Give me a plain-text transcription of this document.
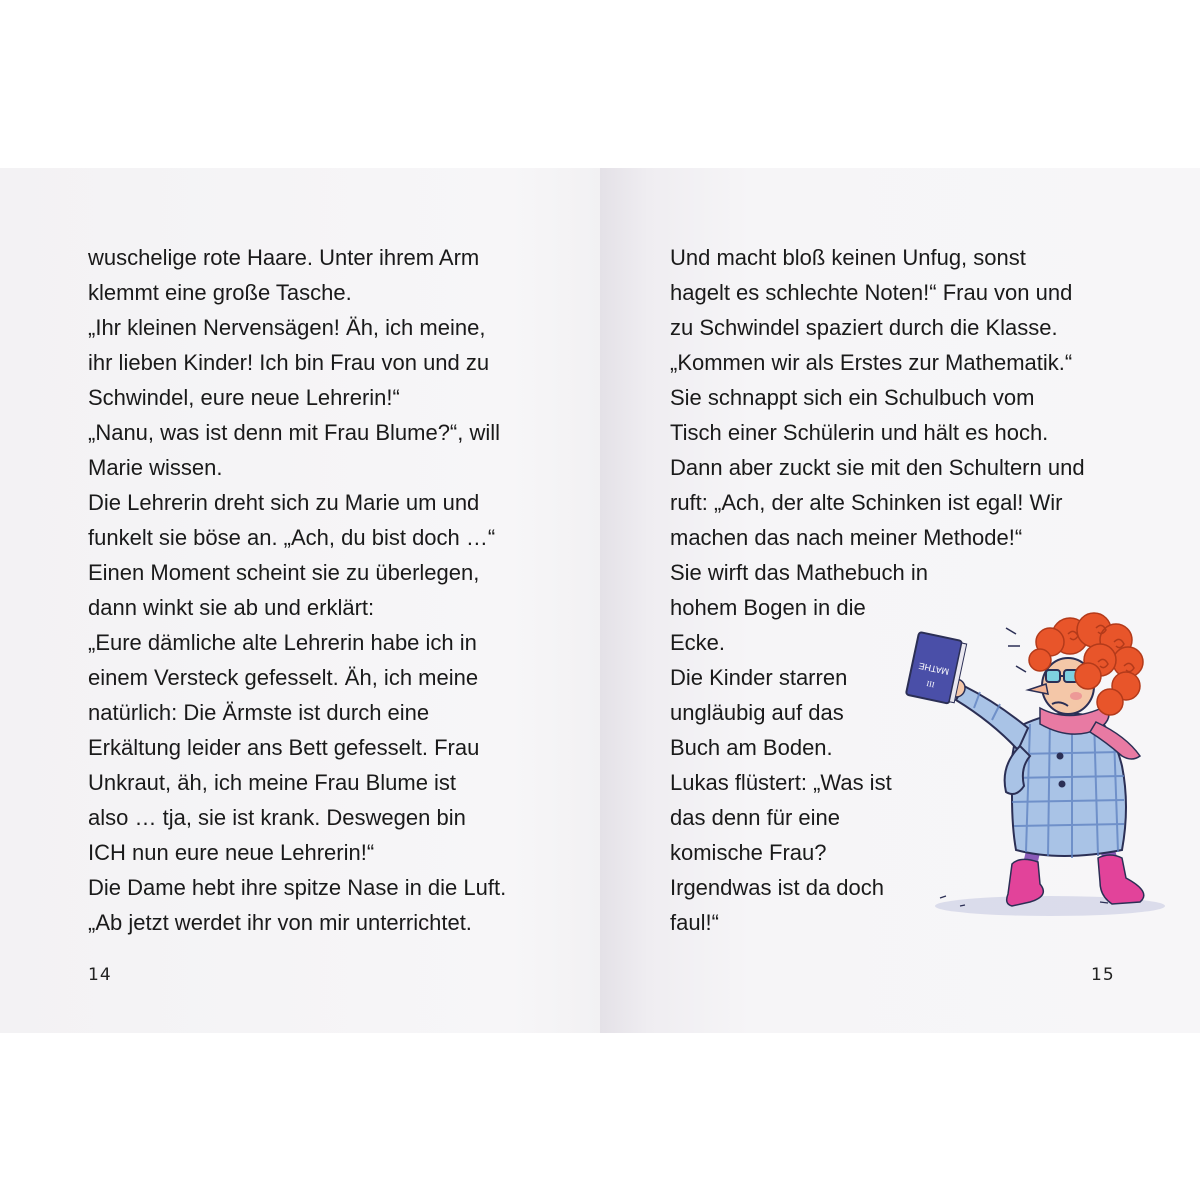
wuschelige rote Haare. Unter ihrem Arm
klemmt eine große Tasche.
„Ihr kleinen Nervensägen! Äh, ich meine,
ihr lieben Kinder! Ich bin Frau von und zu
Schwindel, eure neue Lehrerin!“
„Nanu, was ist denn mit Frau Blume?“, will
Marie wissen.
Die Lehrerin dreht sich zu Marie um und
funkelt sie böse an. „Ach, du bist doch …“
Einen Moment scheint sie zu überlegen,
dann winkt sie ab und erklärt:
„Eure dämliche alte Lehrerin habe ich in
einem Versteck gefesselt. Äh, ich meine
natürlich: Die Ärmste ist durch eine
Erkältung leider ans Bett gefesselt. Frau
Unkraut, äh, ich meine Frau Blume ist
also … tja, sie ist krank. Deswegen bin
ICH nun eure neue Lehrerin!“
Die Dame hebt ihre spitze Nase in die Luft.
„Ab jetzt werdet ihr von mir unterrichtet.
14
Und macht bloß keinen Unfug, sonst
hagelt es schlechte Noten!“ Frau von und
zu Schwindel spaziert durch die Klasse.
„Kommen wir als Erstes zur Mathematik.“
Sie schnappt sich ein Schulbuch vom
Tisch einer Schülerin und hält es hoch.
Dann aber zuckt sie mit den Schultern und
ruft: „Ach, der alte Schinken ist egal! Wir
machen das nach meiner Methode!“
Sie wirft das Mathebuch in
hohem Bogen in die
Ecke.
Die Kinder starren
ungläubig auf das
Buch am Boden.
Lukas flüstert: „Was ist
das denn für eine
komische Frau?
Irgendwas ist da doch
faul!“
MATHE
III
15
